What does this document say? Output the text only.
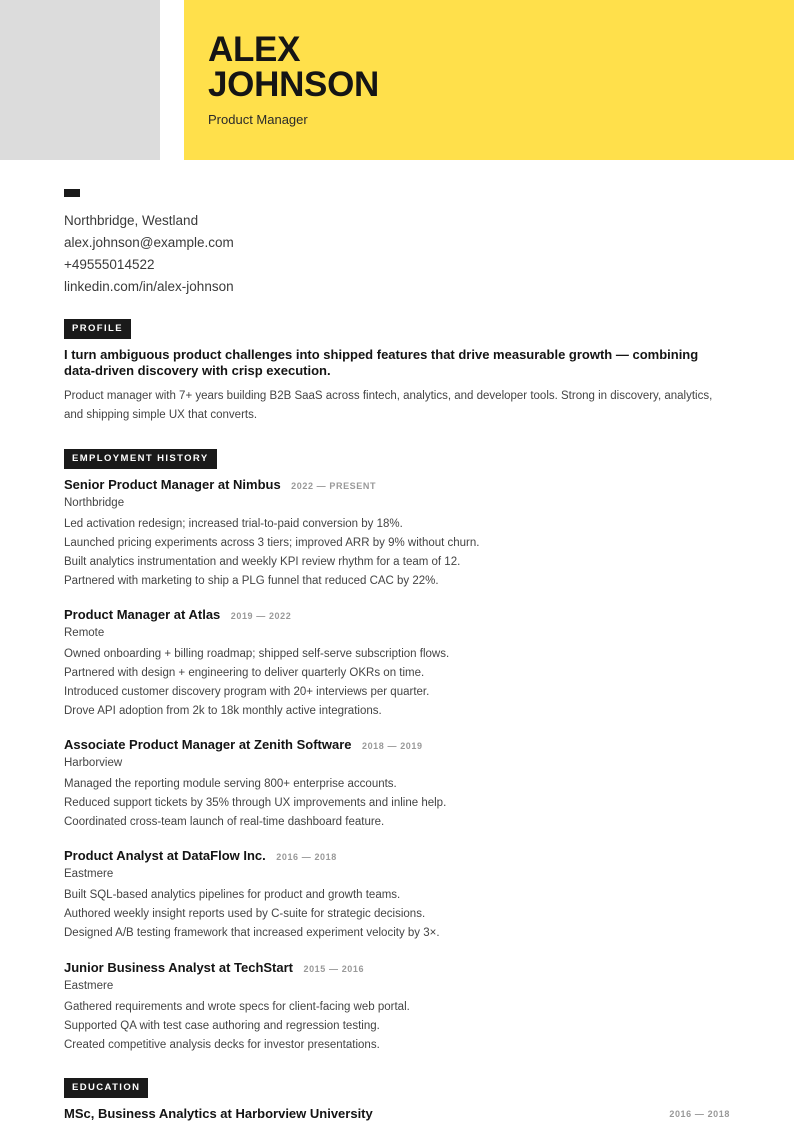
ALEX
JOHNSON
Product Manager
Northbridge, Westland
alex.johnson@example.com
+49555014522
linkedin.com/in/alex-johnson
PROFILE

I turn ambiguous product challenges into shipped features that drive measurable growth — combining data-driven discovery with crisp execution.

Product manager with 7+ years building B2B SaaS across fintech, analytics, and developer tools. Strong in discovery, analytics, and shipping simple UX that converts.

EMPLOYMENT HISTORY
Senior Product Manager at Nimbus 2022 — PRESENT
Northbridge
Led activation redesign; increased trial-to-paid conversion by 18%.
Launched pricing experiments across 3 tiers; improved ARR by 9% without churn.
Built analytics instrumentation and weekly KPI review rhythm for a team of 12.
Partnered with marketing to ship a PLG funnel that reduced CAC by 22%.
Product Manager at Atlas 2019 — 2022
Remote
Owned onboarding + billing roadmap; shipped self-serve subscription flows.
Partnered with design + engineering to deliver quarterly OKRs on time.
Introduced customer discovery program with 20+ interviews per quarter.
Drove API adoption from 2k to 18k monthly active integrations.
Associate Product Manager at Zenith Software 2018 — 2019
Harborview
Managed the reporting module serving 800+ enterprise accounts.
Reduced support tickets by 35% through UX improvements and inline help.
Coordinated cross-team launch of real-time dashboard feature.
Product Analyst at DataFlow Inc. 2016 — 2018
Eastmere
Built SQL-based analytics pipelines for product and growth teams.
Authored weekly insight reports used by C-suite for strategic decisions.
Designed A/B testing framework that increased experiment velocity by 3×.
Junior Business Analyst at TechStart 2015 — 2016
Eastmere
Gathered requirements and wrote specs for client-facing web portal.
Supported QA with test case authoring and regression testing.
Created competitive analysis decks for investor presentations.
EDUCATION
MSc, Business Analytics at Harborview University	2016 — 2018
